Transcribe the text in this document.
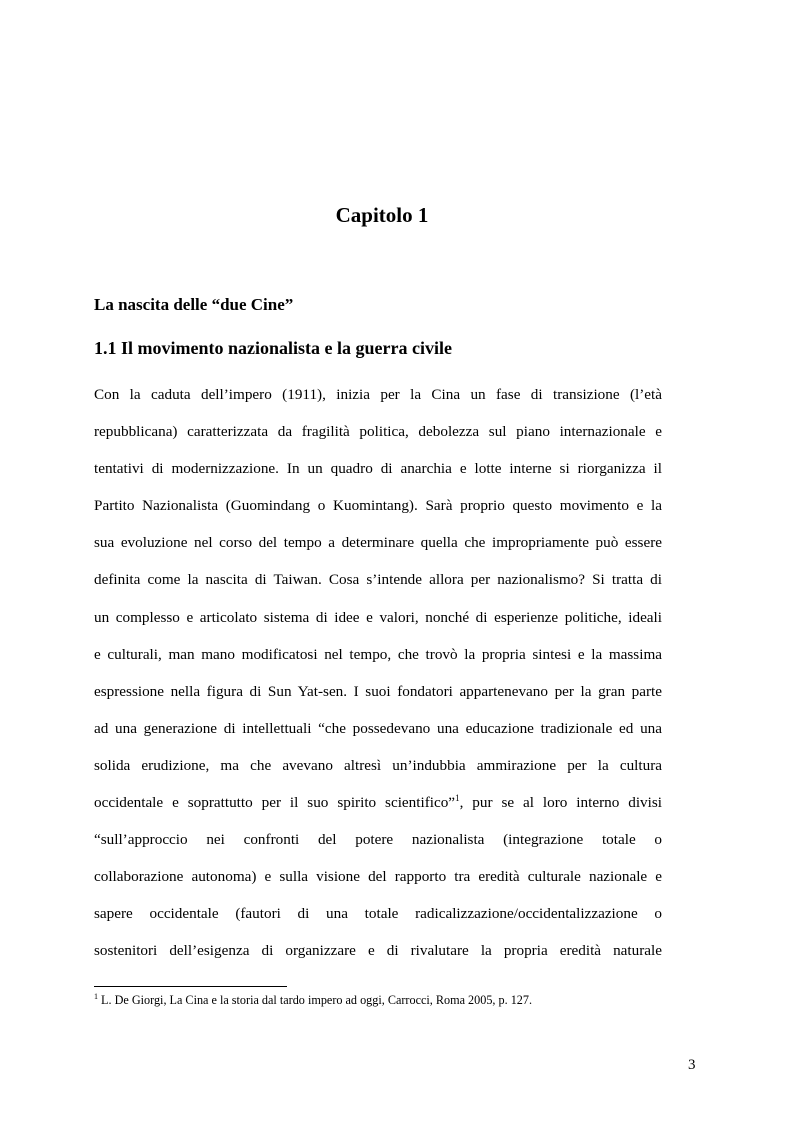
Capitolo 1
La nascita delle “due Cine”
1.1 Il movimento nazionalista e la guerra civile
Con la caduta dell’impero (1911), inizia per la Cina un fase di transizione (l’età
repubblicana) caratterizzata da fragilità politica, debolezza sul piano internazionale e
tentativi di modernizzazione. In un quadro di anarchia e lotte interne si riorganizza il
Partito Nazionalista (Guomindang o Kuomintang). Sarà proprio questo movimento e la
sua evoluzione nel corso del tempo a determinare quella che impropriamente può essere
definita come la nascita di Taiwan. Cosa s’intende allora per nazionalismo? Si tratta di
un complesso e articolato sistema di idee e valori, nonché di esperienze politiche, ideali
e culturali, man mano modificatosi nel tempo, che trovò la propria sintesi e la massima
espressione nella figura di Sun Yat-sen. I suoi fondatori appartenevano per la gran parte
ad una generazione di intellettuali “che possedevano una educazione tradizionale ed una
solida erudizione, ma che avevano altresì un’indubbia ammirazione per la cultura
occidentale e soprattutto per il suo spirito scientifico”$^1$, pur se al loro interno divisi
“sull’approccio nei confronti del potere nazionalista (integrazione totale o
collaborazione autonoma) e sulla visione del rapporto tra eredità culturale nazionale e
sapere occidentale (fautori di una totale radicalizzazione/occidentalizzazione o
sostenitori dell’esigenza di organizzare e di rivalutare la propria eredità naturale

$^1$ L. De Giorgi, La Cina e la storia dal tardo impero ad oggi, Carrocci, Roma 2005, p. 127.

3
